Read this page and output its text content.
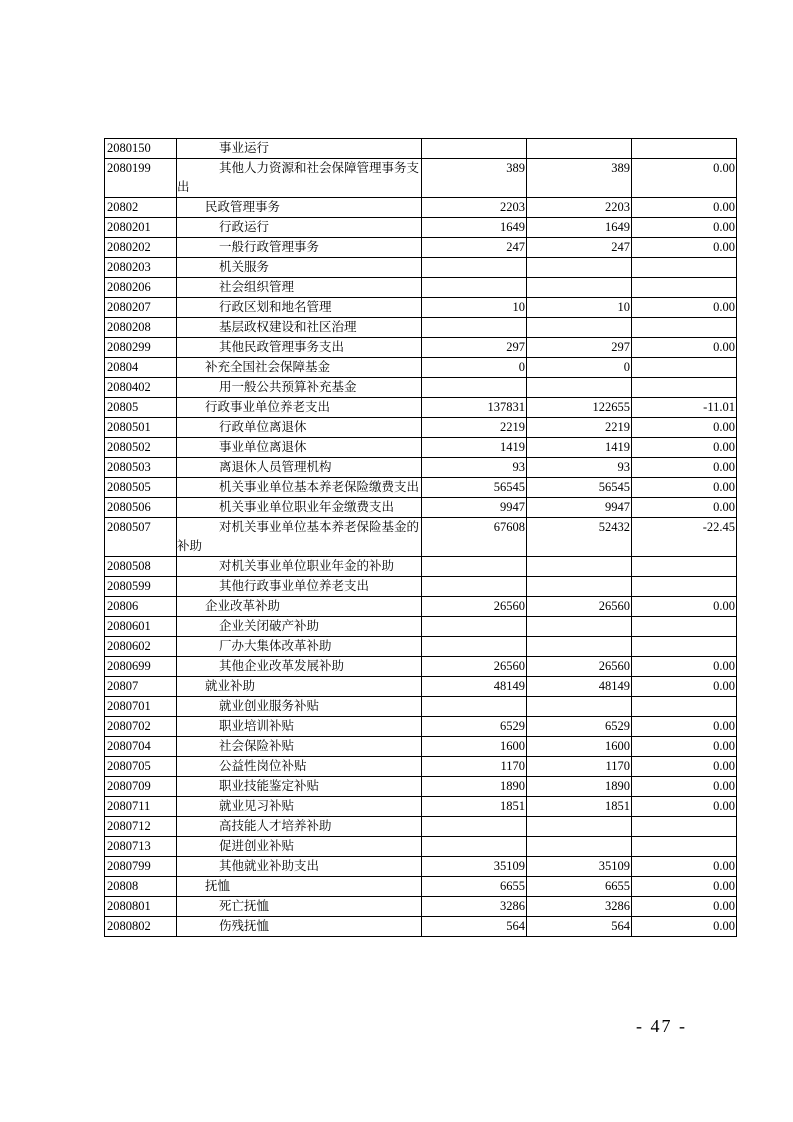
2080150	事业运行			
2080199	其他人力资源和社会保障管理事务支出	389	389	0.00
20802	民政管理事务	2203	2203	0.00
2080201	行政运行	1649	1649	0.00
2080202	一般行政管理事务	247	247	0.00
2080203	机关服务			
2080206	社会组织管理			
2080207	行政区划和地名管理	10	10	0.00
2080208	基层政权建设和社区治理			
2080299	其他民政管理事务支出	297	297	0.00
20804	补充全国社会保障基金	0	0	
2080402	用一般公共预算补充基金			
20805	行政事业单位养老支出	137831	122655	-11.01
2080501	行政单位离退休	2219	2219	0.00
2080502	事业单位离退休	1419	1419	0.00
2080503	离退休人员管理机构	93	93	0.00
2080505	机关事业单位基本养老保险缴费支出	56545	56545	0.00
2080506	机关事业单位职业年金缴费支出	9947	9947	0.00
2080507	对机关事业单位基本养老保险基金的补助	67608	52432	-22.45
2080508	对机关事业单位职业年金的补助			
2080599	其他行政事业单位养老支出			
20806	企业改革补助	26560	26560	0.00
2080601	企业关闭破产补助			
2080602	厂办大集体改革补助			
2080699	其他企业改革发展补助	26560	26560	0.00
20807	就业补助	48149	48149	0.00
2080701	就业创业服务补贴			
2080702	职业培训补贴	6529	6529	0.00
2080704	社会保险补贴	1600	1600	0.00
2080705	公益性岗位补贴	1170	1170	0.00
2080709	职业技能鉴定补贴	1890	1890	0.00
2080711	就业见习补贴	1851	1851	0.00
2080712	高技能人才培养补助			
2080713	促进创业补贴			
2080799	其他就业补助支出	35109	35109	0.00
20808	抚恤	6655	6655	0.00
2080801	死亡抚恤	3286	3286	0.00
2080802	伤残抚恤	564	564	0.00
- 47 -
